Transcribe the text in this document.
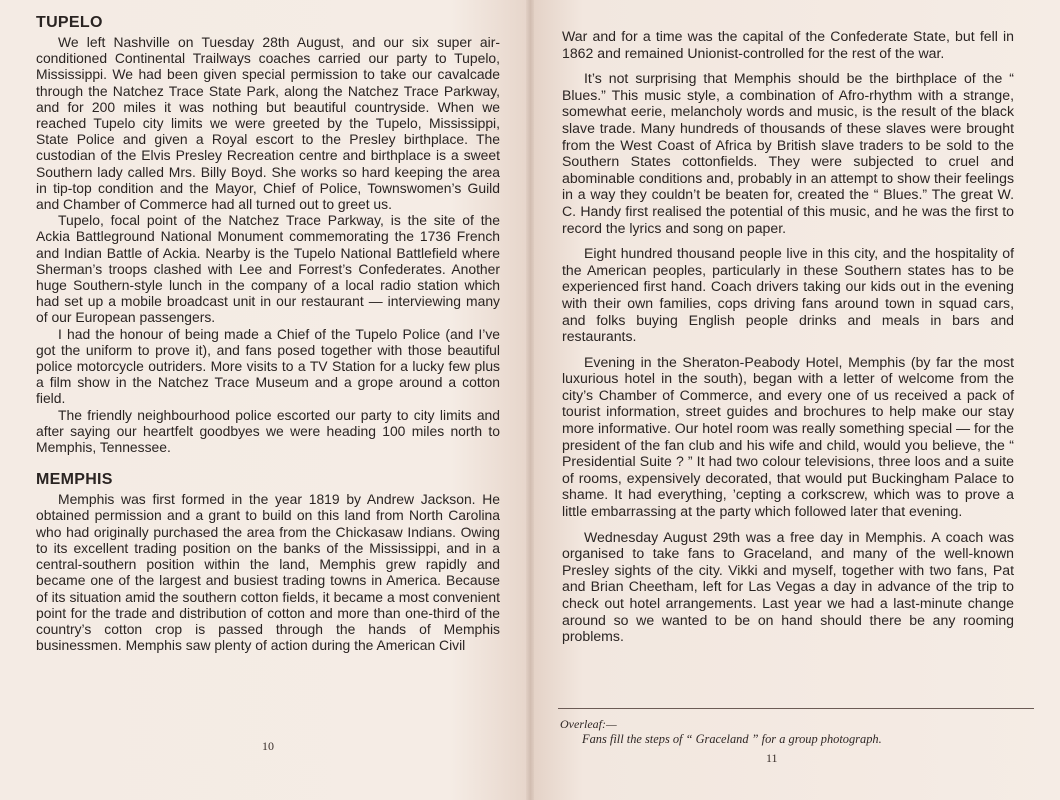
TUPELO

We left Nashville on Tuesday 28th August, and our six super air-conditioned Continental Trailways coaches carried our party to Tupelo, Mississippi. We had been given special permission to take our cavalcade through the Natchez Trace State Park, along the Natchez Trace Parkway, and for 200 miles it was nothing but beautiful countryside. When we reached Tupelo city limits we were greeted by the Tupelo, Mississippi, State Police and given a Royal escort to the Presley birthplace. The custodian of the Elvis Presley Recreation centre and birthplace is a sweet Southern lady called Mrs. Billy Boyd. She works so hard keeping the area in tip-top condition and the Mayor, Chief of Police, Townswomen’s Guild and Chamber of Commerce had all turned out to greet us.

Tupelo, focal point of the Natchez Trace Parkway, is the site of the Ackia Battleground National Monument commemorating the 1736 French and Indian Battle of Ackia. Nearby is the Tupelo National Battlefield where Sherman’s troops clashed with Lee and Forrest’s Confederates. Another huge Southern-style lunch in the company of a local radio station which had set up a mobile broadcast unit in our restaurant — interviewing many of our European passengers.

I had the honour of being made a Chief of the Tupelo Police (and I’ve got the uniform to prove it), and fans posed together with those beautiful police motorcycle outriders. More visits to a TV Station for a lucky few plus a film show in the Natchez Trace Museum and a grope around a cotton field.

The friendly neighbourhood police escorted our party to city limits and after saying our heartfelt goodbyes we were heading 100 miles north to Memphis, Tennessee.

MEMPHIS

Memphis was first formed in the year 1819 by Andrew Jackson. He obtained permission and a grant to build on this land from North Carolina who had originally purchased the area from the Chickasaw Indians. Owing to its excellent trading position on the banks of the Mississippi, and in a central-southern position within the land, Memphis grew rapidly and became one of the largest and busiest trading towns in America. Because of its situation amid the southern cotton fields, it became a most convenient point for the trade and distribution of cotton and more than one-third of the country’s cotton crop is passed through the hands of Memphis businessmen. Memphis saw plenty of action during the American Civil

10

War and for a time was the capital of the Confederate State, but fell in 1862 and remained Unionist-controlled for the rest of the war.

It’s not surprising that Memphis should be the birthplace of the “ Blues.” This music style, a combination of Afro-rhythm with a strange, somewhat eerie, melancholy words and music, is the result of the black slave trade. Many hundreds of thousands of these slaves were brought from the West Coast of Africa by British slave traders to be sold to the Southern States cottonfields. They were subjected to cruel and abominable conditions and, probably in an attempt to show their feelings in a way they couldn’t be beaten for, created the “ Blues.” The great W. C. Handy first realised the potential of this music, and he was the first to record the lyrics and song on paper.

Eight hundred thousand people live in this city, and the hospitality of the American peoples, particularly in these Southern states has to be experienced first hand. Coach drivers taking our kids out in the evening with their own families, cops driving fans around town in squad cars, and folks buying English people drinks and meals in bars and restaurants.

Evening in the Sheraton-Peabody Hotel, Memphis (by far the most luxurious hotel in the south), began with a letter of welcome from the city’s Chamber of Commerce, and every one of us received a pack of tourist information, street guides and brochures to help make our stay more informative. Our hotel room was really something special — for the president of the fan club and his wife and child, would you believe, the “ Presidential Suite ? ” It had two colour televisions, three loos and a suite of rooms, expensively decorated, that would put Buckingham Palace to shame. It had everything, ’cepting a corkscrew, which was to prove a little embarrassing at the party which followed later that evening.

Wednesday August 29th was a free day in Memphis. A coach was organised to take fans to Graceland, and many of the well-known Presley sights of the city. Vikki and myself, together with two fans, Pat and Brian Cheetham, left for Las Vegas a day in advance of the trip to check out hotel arrangements. Last year we had a last-minute change around so we wanted to be on hand should there be any rooming problems.

Overleaf:—
Fans fill the steps of “ Graceland ” for a group photograph.
11
